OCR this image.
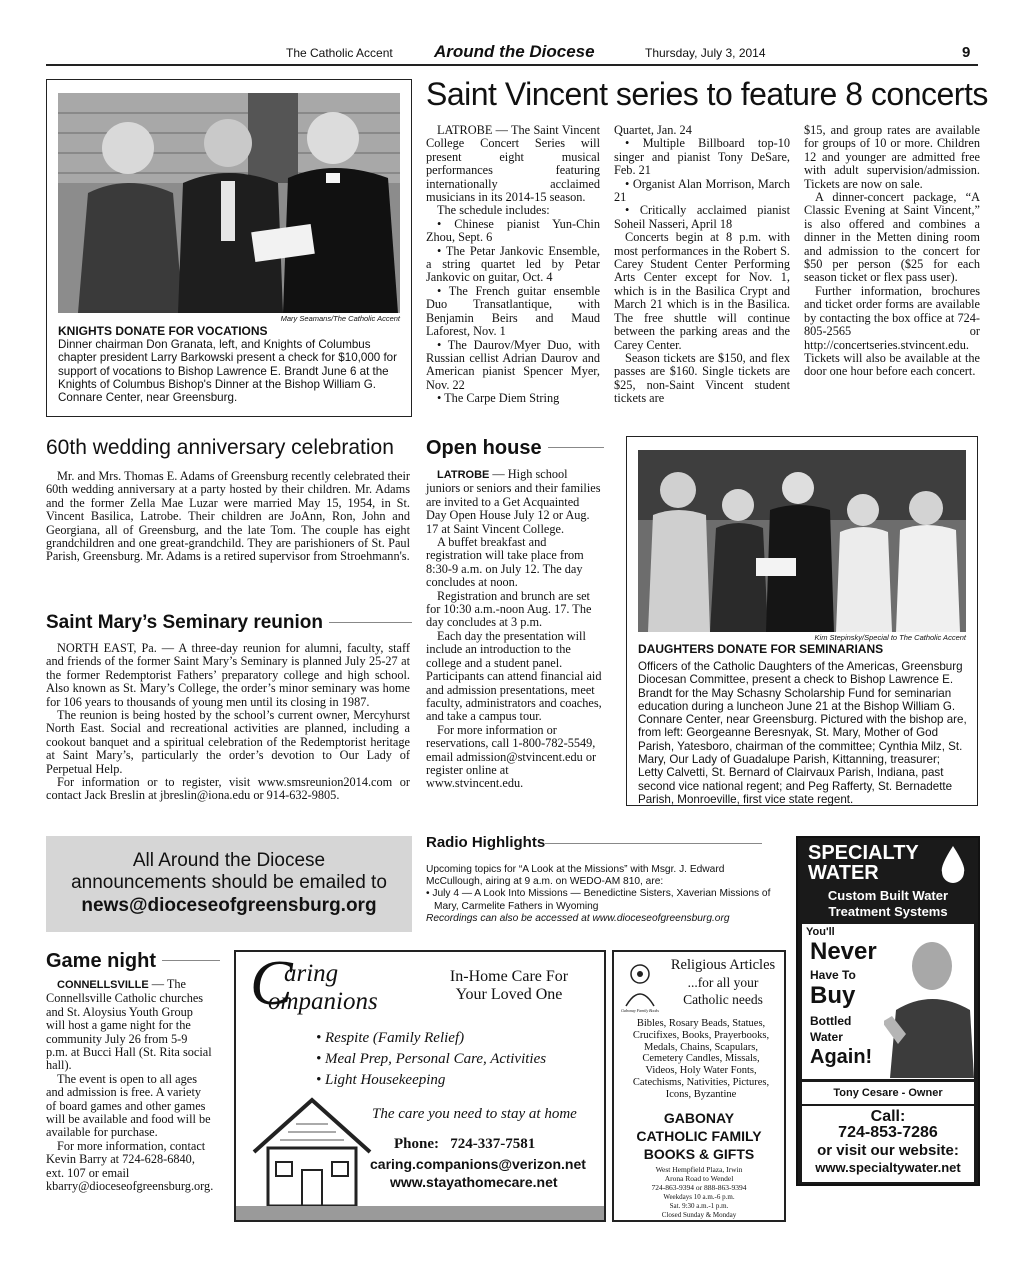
The Catholic Accent Around the Diocese	Thursday, July 3, 2014	9
Mary Seamans/The Catholic Accent
KNIGHTS DONATE FOR VOCATIONS
Dinner chairman Don Granata, left, and Knights of Columbus chapter president Larry Barkowski present a check for $10,000 for support of vocations to Bishop Lawrence E. Brandt June 6 at the Knights of Columbus Bishop's Dinner at the Bishop William G. Connare Center, near Greensburg.
Saint Vincent series to feature 8 concerts

LATROBE — The Saint Vincent College Concert Series will present eight musical performances featuring internationally acclaimed musicians in its 2014-15 season.

The schedule includes:

• Chinese pianist Yun-Chin Zhou, Sept. 6

• The Petar Jankovic Ensemble, a string quartet led by Petar Jankovic on guitar, Oct. 4

• The French guitar ensemble Duo Transatlantique, with Benjamin Beirs and Maud Laforest, Nov. 1

• The Daurov/Myer Duo, with Russian cellist Adrian Daurov and American pianist Spencer Myer, Nov. 22

• The Carpe Diem String

Quartet, Jan. 24

• Multiple Billboard top-10 singer and pianist Tony DeSare, Feb. 21

• Organist Alan Morrison, March 21

• Critically acclaimed pianist Soheil Nasseri, April 18

Concerts begin at 8 p.m. with most performances in the Robert S. Carey Student Center Performing Arts Center except for Nov. 1, which is in the Basilica Crypt and March 21 which is in the Basilica. The free shuttle will continue between the parking areas and the Carey Center.

Season tickets are $150, and flex passes are $160. Single tickets are $25, non-Saint Vincent student tickets are

$15, and group rates are available for groups of 10 or more. Children 12 and younger are admitted free with adult supervision/admission. Tickets are now on sale.

A dinner-concert package, “A Classic Evening at Saint Vincent,” is also offered and combines a dinner in the Metten dining room and admission to the concert for $50 per person ($25 for each season ticket or flex pass user).

Further information, brochures and ticket order forms are available by contacting the box office at 724-805-2565 or http://concertseries.stvincent.edu. Tickets will also be available at the door one hour before each concert.

60th wedding anniversary celebration

Mr. and Mrs. Thomas E. Adams of Greensburg recently celebrated their 60th wedding anniversary at a party hosted by their children. Mr. Adams and the former Zella Mae Luzar were married May 15, 1954, in St. Vincent Basilica, Latrobe. Their children are JoAnn, Ron, John and Georgiana, all of Greensburg, and the late Tom. The couple has eight grandchildren and one great-grandchild. They are parishioners of St. Paul Parish, Greensburg. Mr. Adams is a retired supervisor from Stroehmann's.

Saint Mary’s Seminary reunion

NORTH EAST, Pa. — A three-day reunion for alumni, faculty, staff and friends of the former Saint Mary’s Seminary is planned July 25-27 at the former Redemptorist Fathers’ preparatory college and high school. Also known as St. Mary’s College, the order’s minor seminary was home for 106 years to thousands of young men until its closing in 1987.

The reunion is being hosted by the school’s current owner, Mercyhurst North East. Social and recreational activities are planned, including a cookout banquet and a spiritual celebration of the Redemptorist heritage at Saint Mary’s, particularly the order’s devotion to Our Lady of Perpetual Help.

For information or to register, visit www.smsreunion2014.com or contact Jack Breslin at jbreslin@iona.edu or 914-632-9805.

Open house

LATROBE — High school juniors or seniors and their families are invited to a Get Acquainted Day Open House July 12 or Aug. 17 at Saint Vincent College.

A buffet breakfast and registration will take place from 8:30-9 a.m. on July 12. The day concludes at noon.

Registration and brunch are set for 10:30 a.m.-noon Aug. 17. The day concludes at 3 p.m.

Each day the presentation will include an introduction to the college and a student panel. Participants can attend financial aid and admission presentations, meet faculty, administrators and coaches, and take a campus tour.

For more information or reservations, call 1-800-782-5549, email admission@stvincent.edu or register online at www.stvincent.edu.

Kim Stepinsky/Special to The Catholic Accent
DAUGHTERS DONATE FOR SEMINARIANS
Officers of the Catholic Daughters of the Americas, Greensburg Diocesan Committee, present a check to Bishop Lawrence E. Brandt for the May Schasny Scholarship Fund for seminarian education during a luncheon June 21 at the Bishop William G. Connare Center, near Greensburg. Pictured with the bishop are, from left: Georgeanne Beresnyak, St. Mary, Mother of God Parish, Yatesboro, chairman of the committee; Cynthia Milz, St. Mary, Our Lady of Guadalupe Parish, Kittanning, treasurer; Letty Calvetti, St. Bernard of Clairvaux Parish, Indiana, past second vice national regent; and Peg Rafferty, St. Bernadette Parish, Monroeville, first vice state regent.
All Around the Diocese
announcements should be emailed to
news@dioceseofgreensburg.org
Radio Highlights
Upcoming topics for “A Look at the Missions” with Msgr. J. Edward McCullough, airing at 9 a.m. on WEDO-AM 810, are:
• July 4 — A Look Into Missions — Benedictine Sisters, Xaverian Missions of Mary, Carmelite Fathers in Wyoming
Recordings can also be accessed at www.dioceseofgreensburg.org
Game night

CONNELLSVILLE — The Connellsville Catholic churches and St. Aloysius Youth Group will host a game night for the community July 26 from 5-9 p.m. at Bucci Hall (St. Rita social hall).

The event is open to all ages and admission is free. A variety of board games and other games will be available and food will be available for purchase.

For more information, contact Kevin Barry at 724-628-6840, ext. 107 or email kbarry@dioceseofgreensburg.org.

C
aring
ompanions
In-Home Care For
Your Loved One
• Respite (Family Relief)
• Meal Prep, Personal Care, Activities
• Light Housekeeping
The care you need to stay at home
Phone: 724-337-7581
caring.companions@verizon.net
www.stayathomecare.net
Gabonay Family Books
Religious Articles
...for all your
Catholic needs
Bibles, Rosary Beads, Statues, Crucifixes, Books, Prayerbooks, Medals, Chains, Scapulars, Cemetery Candles, Missals, Videos, Holy Water Fonts, Catechisms, Nativities, Pictures, Icons, Byzantine
GABONAY
CATHOLIC FAMILY
BOOKS & GIFTS
West Hempfield Plaza, Irwin
Arona Road to Wendel
724-863-9394 or 888-863-9394
Weekdays 10 a.m.-6 p.m.
Sat. 9:30 a.m.-1 p.m.
Closed Sunday & Monday
SPECIALTY
WATER
Custom Built Water
Treatment Systems
You'll
Never
Have To
Buy
Bottled
Water
Again!
Tony Cesare - Owner
Call:
724-853-7286
or visit our website:
www.specialtywater.net
